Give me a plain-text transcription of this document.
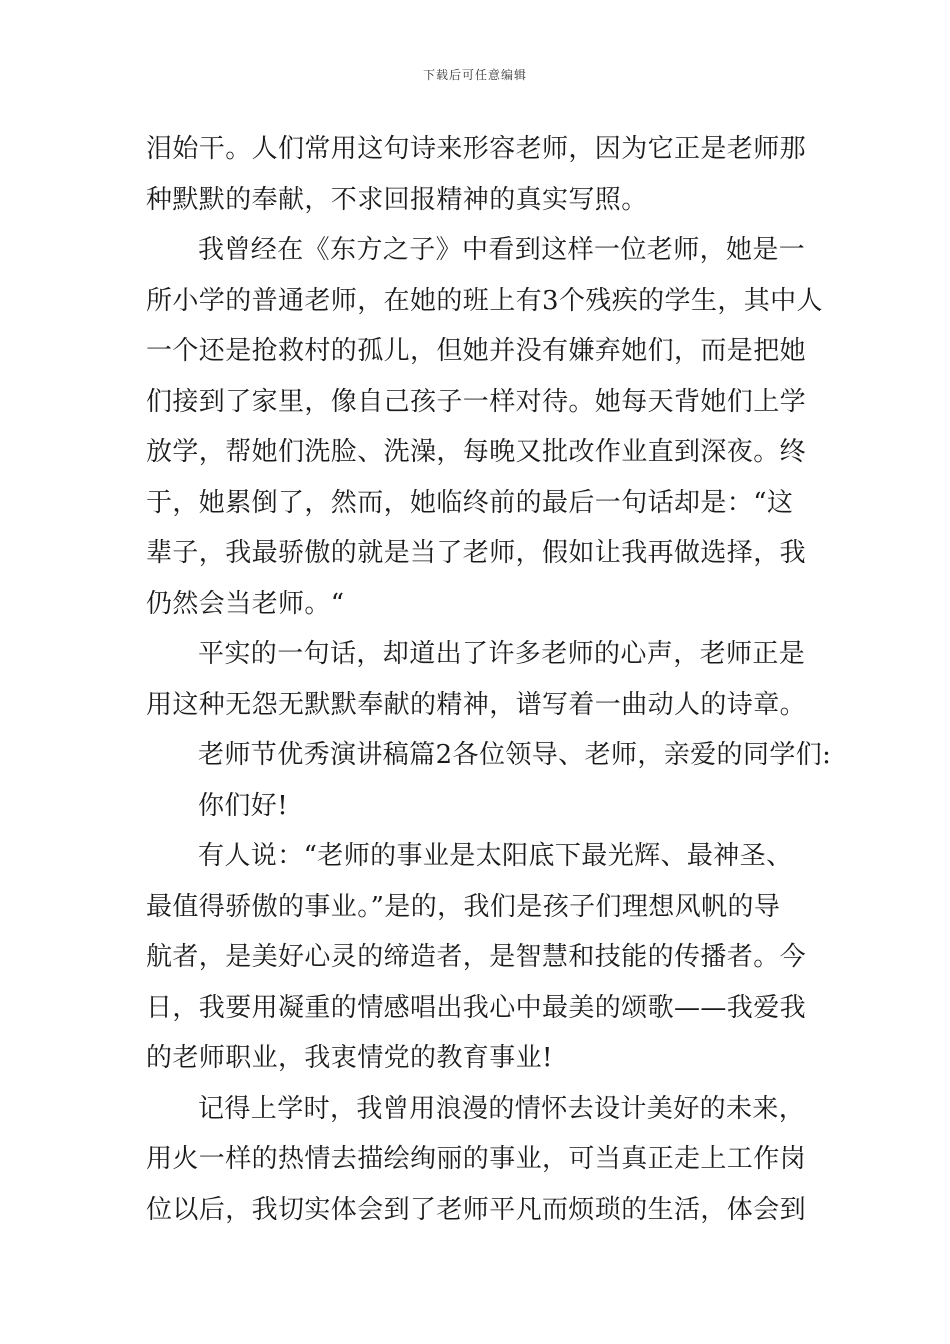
下载后可任意编辑
泪始干。人们常用这句诗来形容老师，因为它正是老师那
种默默的奉献，不求回报精神的真实写照。
我曾经在《东方之子》中看到这样一位老师，她是一
所小学的普通老师，在她的班上有3个残疾的学生，其中人
一个还是抢救村的孤儿，但她并没有嫌弃她们，而是把她
们接到了家里，像自己孩子一样对待。她每天背她们上学
放学，帮她们洗脸、洗澡，每晚又批改作业直到深夜。终
于，她累倒了，然而，她临终前的最后一句话却是：“这
辈子，我最骄傲的就是当了老师，假如让我再做选择，我
仍然会当老师。“
平实的一句话，却道出了许多老师的心声，老师正是
用这种无怨无默默奉献的精神，谱写着一曲动人的诗章。
老师节优秀演讲稿篇2各位领导、老师，亲爱的同学们:
你们好!
有人说：“老师的事业是太阳底下最光辉、最神圣、
最值得骄傲的事业。”是的，我们是孩子们理想风帆的导
航者，是美好心灵的缔造者，是智慧和技能的传播者。今
日，我要用凝重的情感唱出我心中最美的颂歌——我爱我
的老师职业，我衷情党的教育事业!
记得上学时，我曾用浪漫的情怀去设计美好的未来，
用火一样的热情去描绘绚丽的事业，可当真正走上工作岗
位以后，我切实体会到了老师平凡而烦琐的生活，体会到
